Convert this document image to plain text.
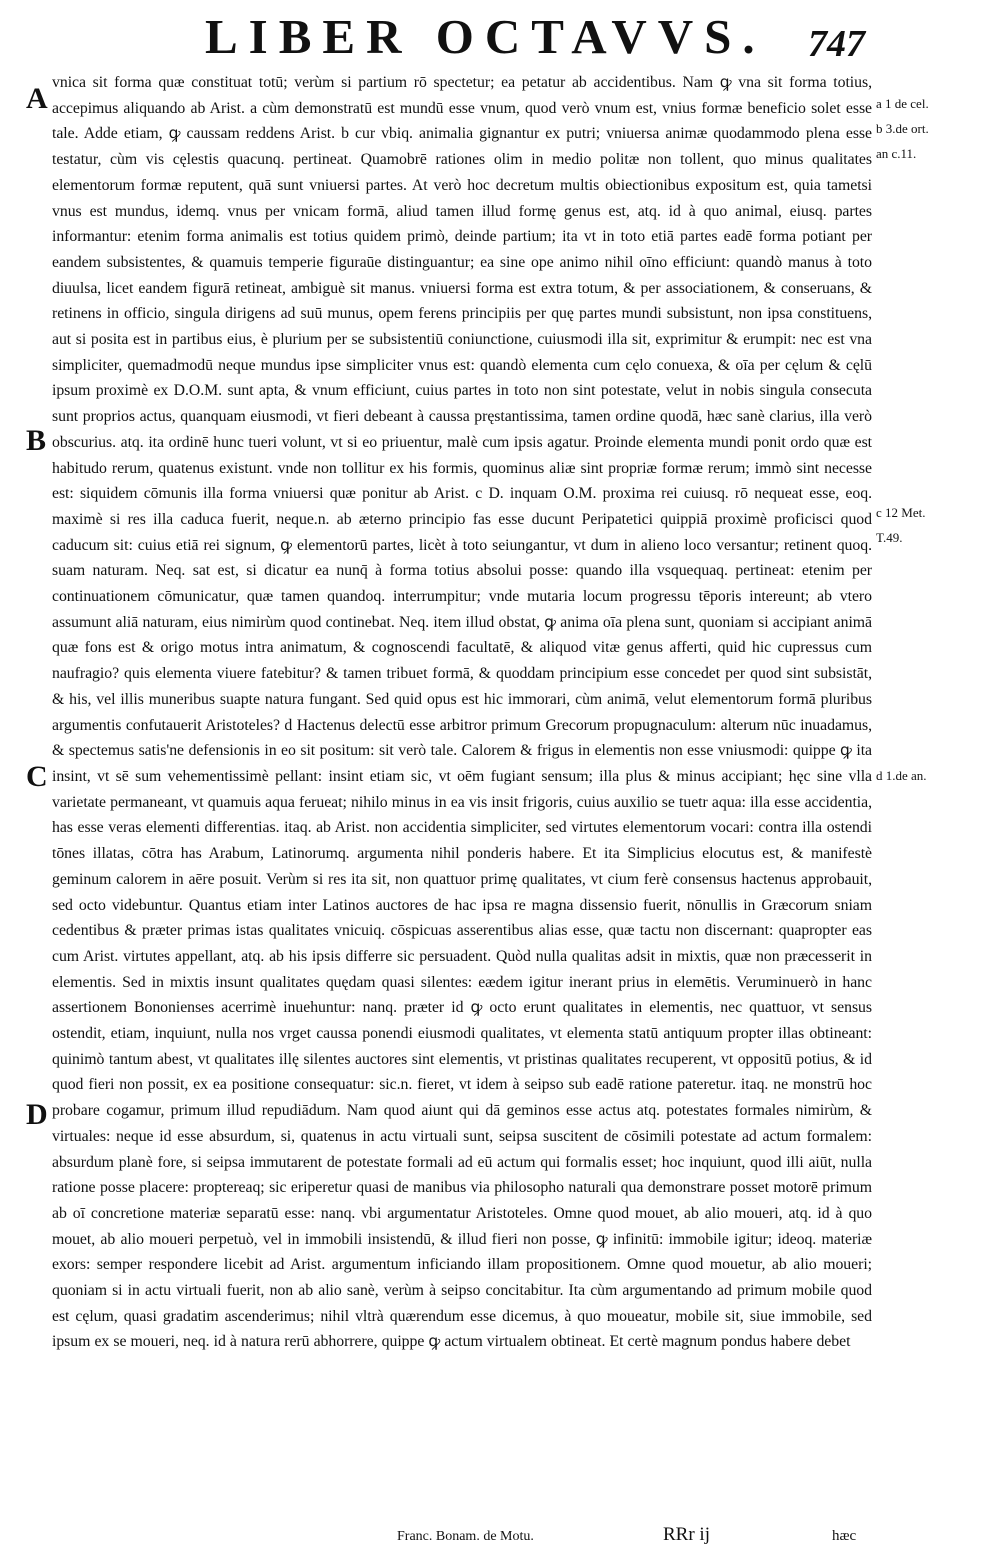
LIBER OCTAVVS. 747
A
B
C
D

vnica sit forma quæ constituat totū; verùm si partium rō spectetur; ea petatur ab accidentibus. Nam ꝙ vna sit forma totius, accepimus aliquando ab Arist. a cùm demonstratū est mundū esse vnum, quod verò vnum est, vnius formæ beneficio solet esse tale. Adde etiam, ꝙ caussam reddens Arist. b cur vbiq. animalia gignantur ex putri; vniuersa animæ quodammodo plena esse testatur, cùm vis cęlestis quacunq. pertineat. Quamobrē rationes olim in medio politæ non tollent, quo minus qualitates elementorum formæ reputent, quā sunt vniuersi partes. At verò hoc decretum multis obiectionibus expositum est, quia tametsi vnus est mundus, idemq. vnus per vnicam formā, aliud tamen illud formę genus est, atq. id à quo animal, eiusq. partes informantur: etenim forma animalis est totius quidem primò, deinde partium; ita vt in toto etiā partes eadē forma potiant per eandem subsistentes, & quamuis temperie figuraūe distinguantur; ea sine ope animo nihil oīno efficiunt: quandò manus à toto diuulsa, licet eandem figurā retineat, ambiguè sit manus. vniuersi forma est extra totum, & per associationem, & conseruans, & retinens in officio, singula dirigens ad suū munus, opem ferens principiis per quę partes mundi subsistunt, non ipsa constituens, aut si posita est in partibus eius, è plurium per se subsistentiū coniunctione, cuiusmodi illa sit, exprimitur & erumpit: nec est vna simpliciter, quemadmodū neque mundus ipse simpliciter vnus est: quandò elementa cum cęlo conuexa, & oīa per cęlum & cęlū ipsum proximè ex D.O.M. sunt apta, & vnum efficiunt, cuius partes in toto non sint potestate, velut in nobis singula consecuta sunt proprios actus, quanquam eiusmodi, vt fieri debeant à caussa pręstantissima, tamen ordine quodā, hæc sanè clarius, illa verò obscurius. atq. ita ordinē hunc tueri volunt, vt si eo priuentur, malè cum ipsis agatur. Proinde elementa mundi ponit ordo quæ est habitudo rerum, quatenus existunt. vnde non tollitur ex his formis, quominus aliæ sint propriæ formæ rerum; immò sint necesse est: siquidem cōmunis illa forma vniuersi quæ ponitur ab Arist. c D. inquam O.M. proxima rei cuiusq. rō nequeat esse, eoq. maximè si res illa caduca fuerit, neque.n. ab æterno principio fas esse ducunt Peripatetici quippiā proximè proficisci quod caducum sit: cuius etiā rei signum, ꝙ elementorū partes, licèt à toto seiungantur, vt dum in alieno loco versantur; retinent quoq. suam naturam. Neq. sat est, si dicatur ea nunq̄ à forma totius absolui posse: quando illa vsquequaq. pertineat: etenim per continuationem cōmunicatur, quæ tamen quandoq. interrumpitur; vnde mutaria locum progressu tēporis intereunt; ab vtero assumunt aliā naturam, eius nimirùm quod continebat. Neq. item illud obstat, ꝙ anima oīa plena sunt, quoniam si accipiant animā quæ fons est & origo motus intra animatum, & cognoscendi facultatē, & aliquod vitæ genus afferti, quid hic cupressus cum naufragio? quis elementa viuere fatebitur? & tamen tribuet formā, & quoddam principium esse concedet per quod sint subsistāt, & his, vel illis muneribus suapte natura fungant. Sed quid opus est hic immorari, cùm animā, velut elementorum formā pluribus argumentis confutauerit Aristoteles? d Hactenus delectū esse arbitror primum Grecorum propugnaculum: alterum nūc inuadamus, & spectemus satis'ne defensionis in eo sit positum: sit verò tale. Calorem & frigus in elementis non esse vniusmodi: quippe ꝙ ita insint, vt sē sum vehementissimè pellant: insint etiam sic, vt oēm fugiant sensum; illa plus & minus accipiant; hęc sine vlla varietate permaneant, vt quamuis aqua ferueat; nihilo minus in ea vis insit frigoris, cuius auxilio se tuetr aqua: illa esse accidentia, has esse veras elementi differentias. itaq. ab Arist. non accidentia simpliciter, sed virtutes elementorum vocari: contra illa ostendi tōnes illatas, cōtra has Arabum, Latinorumq. argumenta nihil ponderis habere. Et ita Simplicius elocutus est, & manifestè geminum calorem in aēre posuit. Verùm si res ita sit, non quattuor primę qualitates, vt cium ferè consensus hactenus approbauit, sed octo videbuntur. Quantus etiam inter Latinos auctores de hac ipsa re magna dissensio fuerit, nōnullis in Græcorum sniam cedentibus & præter primas istas qualitates vnicuiq. cōspicuas asserentibus alias esse, quæ tactu non discernant: quapropter eas cum Arist. virtutes appellant, atq. ab his ipsis differre sic persuadent. Quòd nulla qualitas adsit in mixtis, quæ non præcesserit in elementis. Sed in mixtis insunt qualitates quędam quasi silentes: eædem igitur inerant prius in elemētis. Veruminuerò in hanc assertionem Bononienses acerrimè inuehuntur: nanq. præter id ꝙ octo erunt qualitates in elementis, nec quattuor, vt sensus ostendit, etiam, inquiunt, nulla nos vrget caussa ponendi eiusmodi qualitates, vt elementa statū antiquum propter illas obtineant: quinimò tantum abest, vt qualitates illę silentes auctores sint elementis, vt pristinas qualitates recuperent, vt oppositū potius, & id quod fieri non possit, ex ea positione consequatur: sic.n. fieret, vt idem à seipso sub eadē ratione pateretur. itaq. ne monstrū hoc probare cogamur, primum illud repudiādum. Nam quod aiunt qui dā geminos esse actus atq. potestates formales nimirùm, & virtuales: neque id esse absurdum, si, quatenus in actu virtuali sunt, seipsa suscitent de cōsimili potestate ad actum formalem: absurdum planè fore, si seipsa immutarent de potestate formali ad eū actum qui formalis esset; hoc inquiunt, quod illi aiūt, nulla ratione posse placere: proptereaq; sic eriperetur quasi de manibus via philosopho naturali qua demonstrare posset motorē primum ab oī concretione materiæ separatū esse: nanq. vbi argumentatur Aristoteles. Omne quod mouet, ab alio moueri, atq. id à quo mouet, ab alio moueri perpetuò, vel in immobili insistendū, & illud fieri non posse, ꝙ infinitū: immobile igitur; ideoq. materiæ exors: semper respondere licebit ad Arist. argumentum inficiando illam propositionem. Omne quod mouetur, ab alio moueri; quoniam si in actu virtuali fuerit, non ab alio sanè, verùm à seipso concitabitur. Ita cùm argumentando ad primum mobile quod est cęlum, quasi gradatim ascenderimus; nihil vltrà quærendum esse dicemus, à quo moueatur, mobile sit, siue immobile, sed ipsum ex se moueri, neq. id à natura rerū abhorrere, quippe ꝙ actum virtualem obtineat. Et certè magnum pondus habere debet

a 1 de cel.
b 3.de ort.
an c.11.
c 12 Met.
T.49.
d 1.de an.
Franc. Bonam. de Motu.	RRr ij	hæc
